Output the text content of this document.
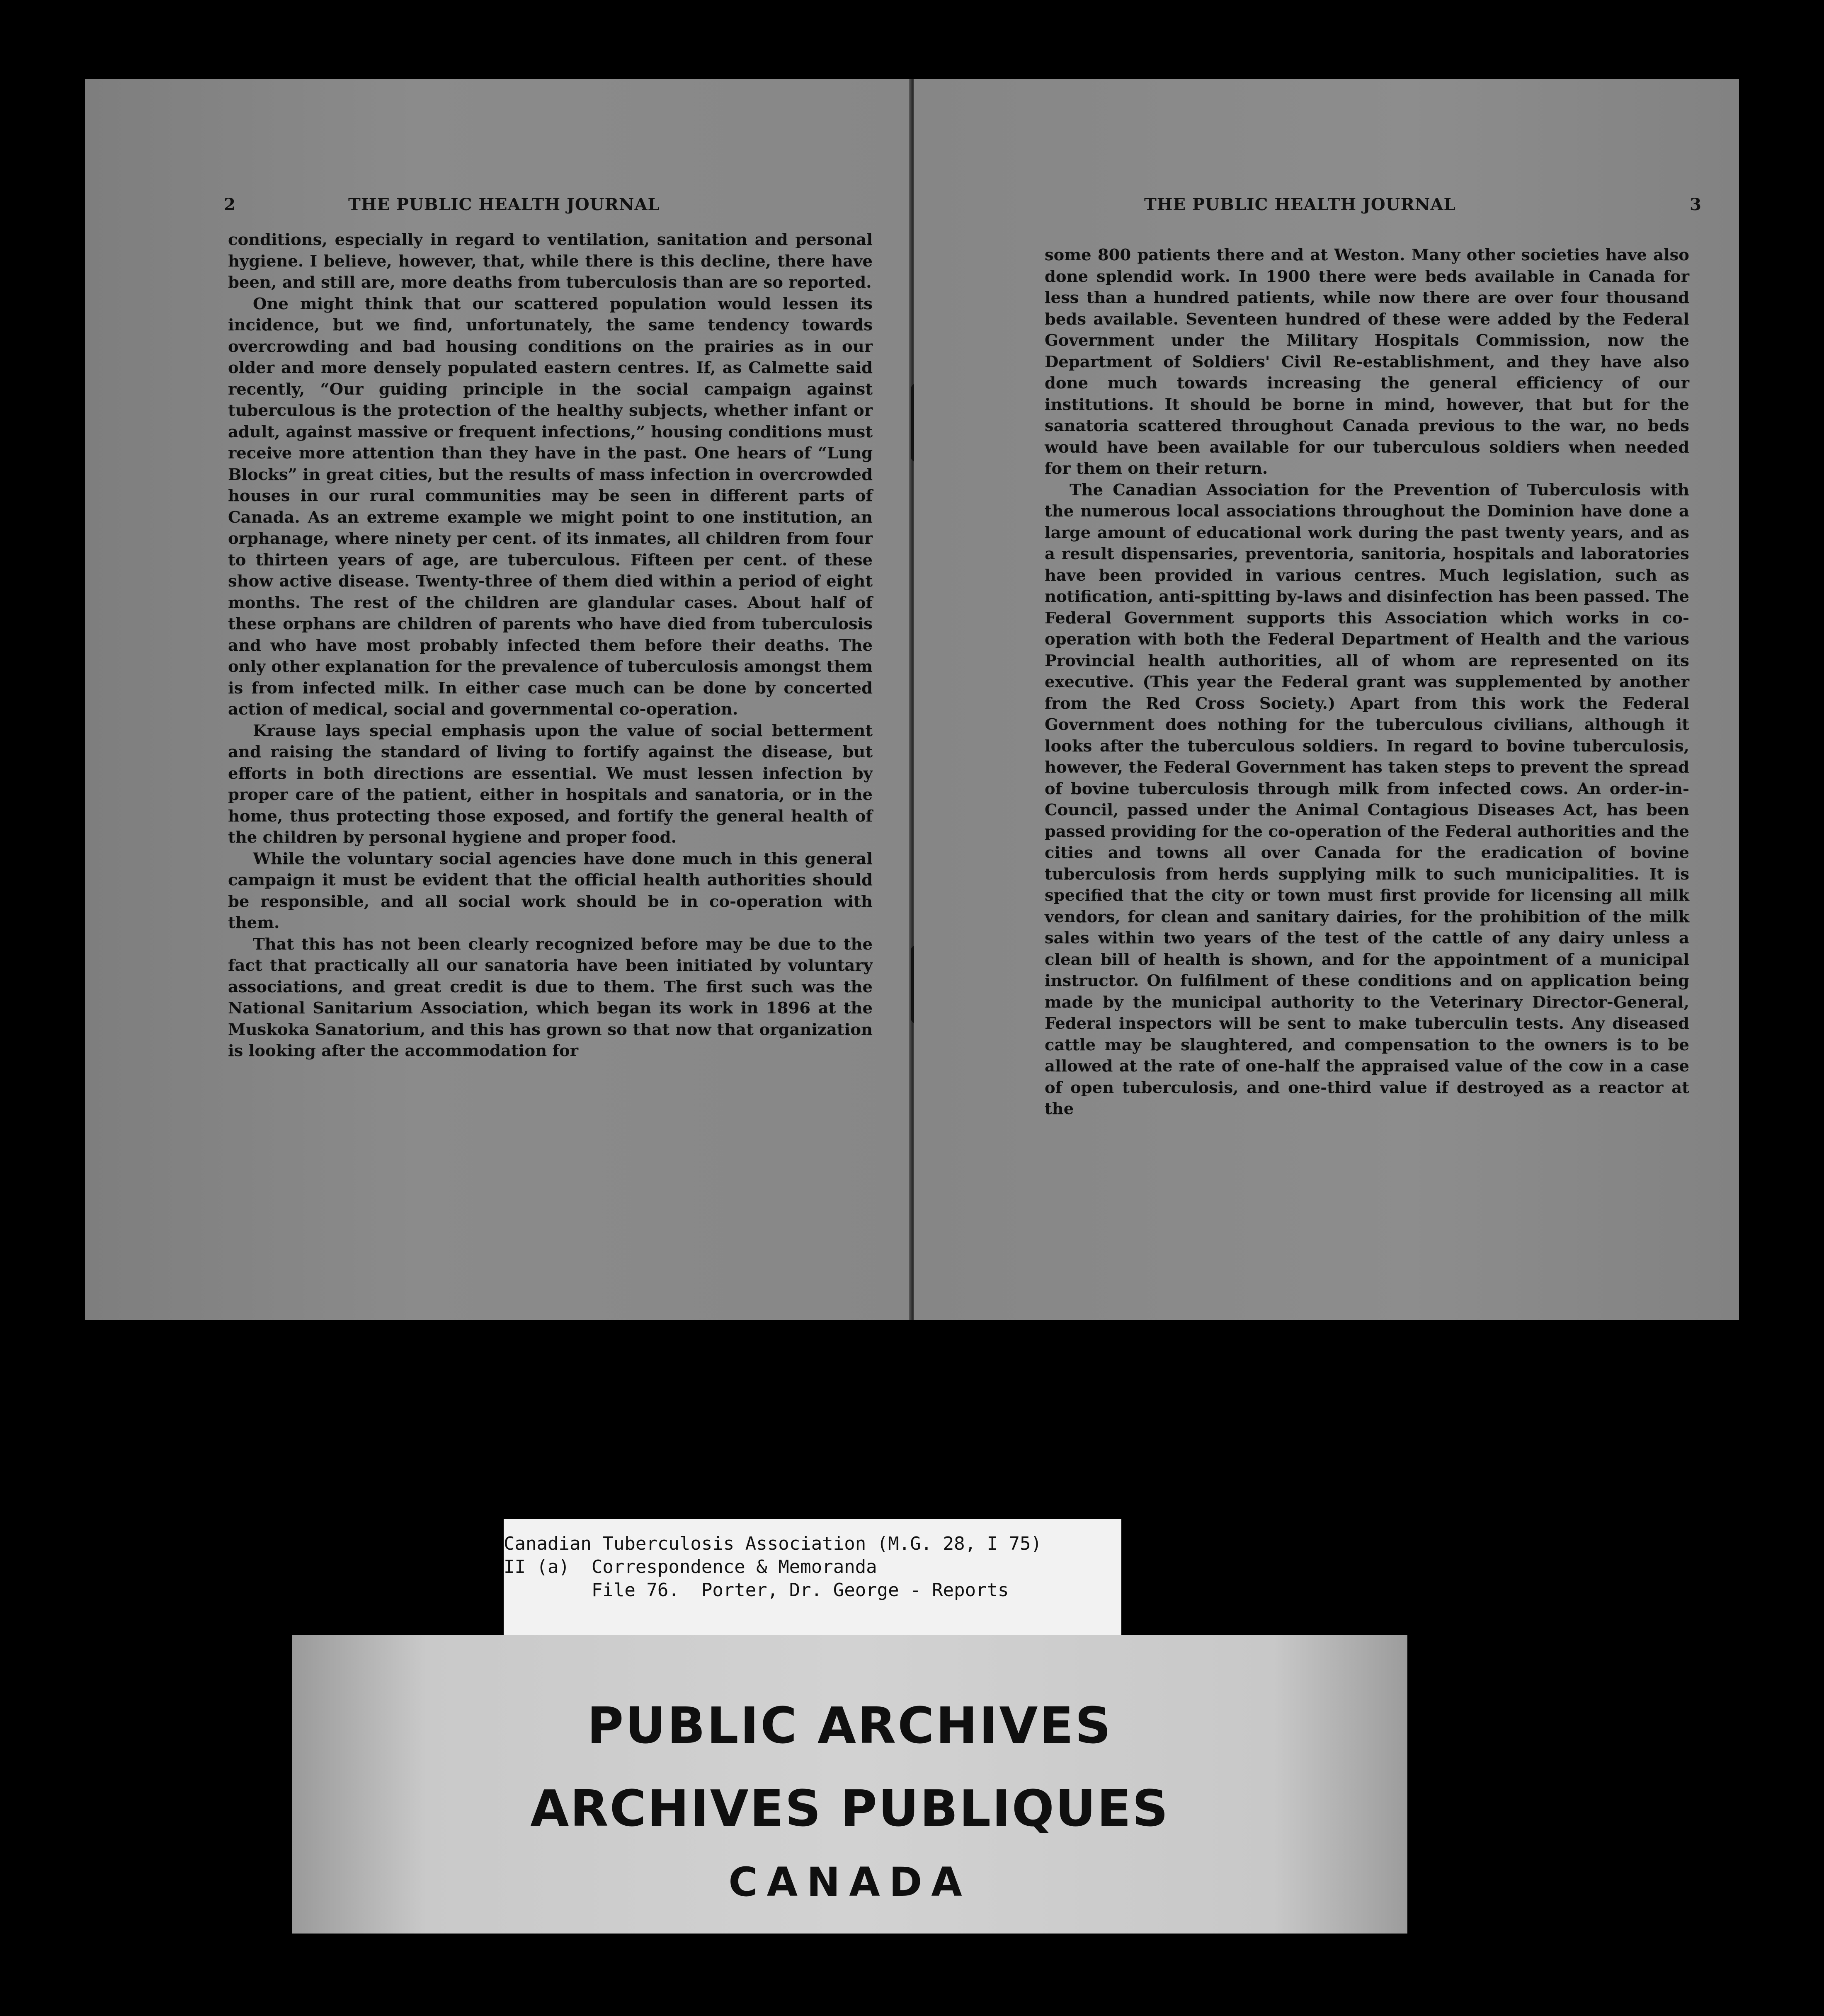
2	THE PUBLIC HEALTH JOURNAL

conditions, especially in regard to ventilation, sanitation and personal hygiene. I believe, however, that, while there is this decline, there have been, and still are, more deaths from tuberculosis than are so reported.

One might think that our scattered population would lessen its incidence, but we find, unfortunately, the same tendency towards overcrowding and bad housing conditions on the prairies as in our older and more densely populated eastern centres. If, as Calmette said recently, “Our guiding principle in the social campaign against tuberculous is the protection of the healthy subjects, whether infant or adult, against massive or frequent infections,” housing conditions must receive more attention than they have in the past. One hears of “Lung Blocks” in great cities, but the results of mass infection in overcrowded houses in our rural communities may be seen in different parts of Canada. As an extreme example we might point to one institution, an orphanage, where ninety per cent. of its inmates, all children from four to thirteen years of age, are tuberculous. Fifteen per cent. of these show active disease. Twenty-three of them died within a period of eight months. The rest of the children are glandular cases. About half of these orphans are children of parents who have died from tuberculosis and who have most probably infected them before their deaths. The only other explanation for the prevalence of tuberculosis amongst them is from infected milk. In either case much can be done by concerted action of medical, social and governmental co-operation.

Krause lays special emphasis upon the value of social betterment and raising the standard of living to fortify against the disease, but efforts in both directions are essential. We must lessen infection by proper care of the patient, either in hospitals and sanatoria, or in the home, thus protecting those exposed, and fortify the general health of the children by personal hygiene and proper food.

While the voluntary social agencies have done much in this general campaign it must be evident that the official health authorities should be responsible, and all social work should be in co-operation with them.

That this has not been clearly recognized before may be due to the fact that practically all our sanatoria have been initiated by voluntary associations, and great credit is due to them. The first such was the National Sanitarium Association, which began its work in 1896 at the Muskoka Sanatorium, and this has grown so that now that organization is looking after the accommodation for

THE PUBLIC HEALTH JOURNAL	3

some 800 patients there and at Weston. Many other societies have also done splendid work. In 1900 there were beds available in Canada for less than a hundred patients, while now there are over four thousand beds available. Seventeen hundred of these were added by the Federal Government under the Military Hospitals Commission, now the Department of Soldiers' Civil Re-establishment, and they have also done much towards increasing the general efficiency of our institutions. It should be borne in mind, however, that but for the sanatoria scattered throughout Canada previous to the war, no beds would have been available for our tuberculous soldiers when needed for them on their return.

The Canadian Association for the Prevention of Tuberculosis with the numerous local associations throughout the Dominion have done a large amount of educational work during the past twenty years, and as a result dispensaries, preventoria, sanitoria, hospitals and laboratories have been provided in various centres. Much legislation, such as notification, anti-spitting by-laws and disinfection has been passed. The Federal Government supports this Association which works in co-operation with both the Federal Department of Health and the various Provincial health authorities, all of whom are represented on its executive. (This year the Federal grant was supplemented by another from the Red Cross Society.) Apart from this work the Federal Government does nothing for the tuberculous civilians, although it looks after the tuberculous soldiers. In regard to bovine tuberculosis, however, the Federal Government has taken steps to prevent the spread of bovine tuberculosis through milk from infected cows. An order-in-Council, passed under the Animal Contagious Diseases Act, has been passed providing for the co-operation of the Federal authorities and the cities and towns all over Canada for the eradication of bovine tuberculosis from herds supplying milk to such municipalities. It is specified that the city or town must first provide for licensing all milk vendors, for clean and sanitary dairies, for the prohibition of the milk sales within two years of the test of the cattle of any dairy unless a clean bill of health is shown, and for the appointment of a municipal instructor. On fulfilment of these conditions and on application being made by the municipal authority to the Veterinary Director-General, Federal inspectors will be sent to make tuberculin tests. Any diseased cattle may be slaughtered, and compensation to the owners is to be allowed at the rate of one-half the appraised value of the cow in a case of open tuberculosis, and one-third value if destroyed as a reactor at the

Canadian Tuberculosis Association (M.G. 28, I 75)
II (a)  Correspondence & Memoranda
File 76.  Porter, Dr. George - Reports
PUBLIC ARCHIVES
ARCHIVES PUBLIQUES
CANADA
